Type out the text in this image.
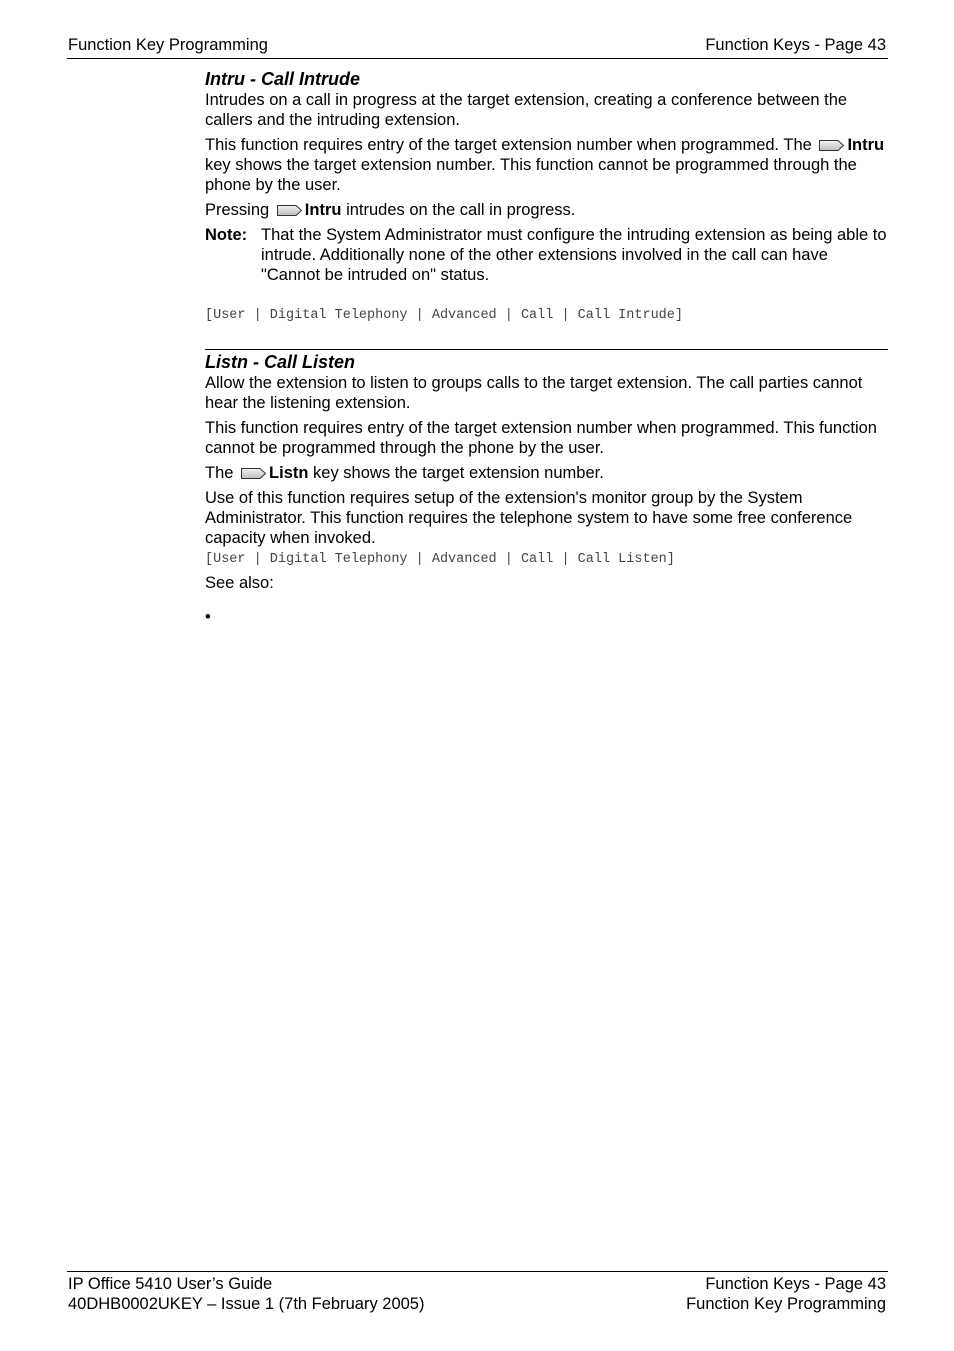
Function Key Programming	Function Keys - Page 43
Intru - Call Intrude

Intrudes on a call in progress at the target extension, creating a conference between the callers and the intruding extension.

This function requires entry of the target extension number when programmed. The Intru key shows the target extension number. This function cannot be programmed through the phone by the user.

Pressing Intru intrudes on the call in progress.

Note: That the System Administrator must configure the intruding extension as being able to intrude. Additionally none of the other extensions involved in the call can have "Cannot be intruded on" status.
[User | Digital Telephony | Advanced | Call | Call Intrude]
Listn - Call Listen

Allow the extension to listen to groups calls to the target extension. The call parties cannot hear the listening extension.

This function requires entry of the target extension number when programmed. This function cannot be programmed through the phone by the user.

The Listn key shows the target extension number.

Use of this function requires setup of the extension's monitor group by the System Administrator. This function requires the telephone system to have some free conference capacity when invoked.

[User | Digital Telephony | Advanced | Call | Call Listen]

See also:

•
IP Office 5410 User’s Guide
40DHB0002UKEY – Issue 1 (7th February 2005)
Function Keys - Page 43
Function Key Programming
